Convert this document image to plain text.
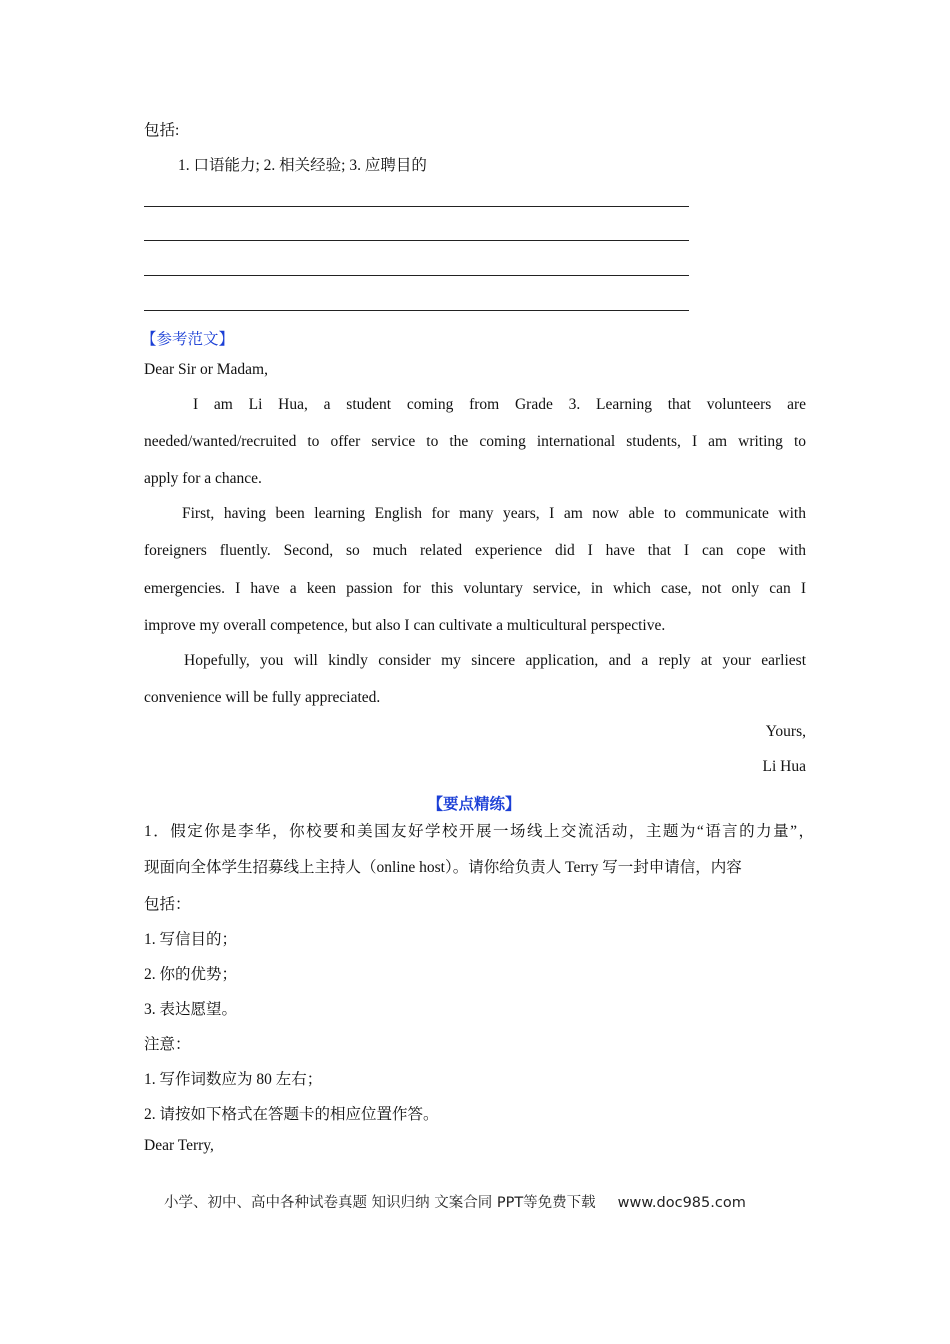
包括:
1. 口语能力; 2. 相关经验; 3. 应聘目的
【参考范文】
Dear Sir or Madam,
I am Li Hua, a student coming from Grade 3. Learning that volunteers are
needed/wanted/recruited to offer service to the coming international students, I am writing to
apply for a chance.
First, having been learning English for many years, I am now able to communicate with
foreigners fluently. Second, so much related experience did I have that I can cope with
emergencies. I have a keen passion for this voluntary service, in which case, not only can I
improve my overall competence, but also I can cultivate a multicultural perspective.
Hopefully, you will kindly consider my sincere application, and a reply at your earliest
convenience will be fully appreciated.
Yours,
Li Hua
【要点精练】
1．假定你是李华，你校要和美国友好学校开展一场线上交流活动，主题为“语言的力量”，
现面向全体学生招募线上主持人（online host）。请你给负责人 Terry 写一封申请信，内容
包括：
1. 写信目的；
2. 你的优势；
3. 表达愿望。
注意：
1. 写作词数应为 80 左右；
2. 请按如下格式在答题卡的相应位置作答。
Dear Terry,
小学、初中、高中各种试卷真题 知识归纳 文案合同 PPT等免费下载 www.doc985.com
